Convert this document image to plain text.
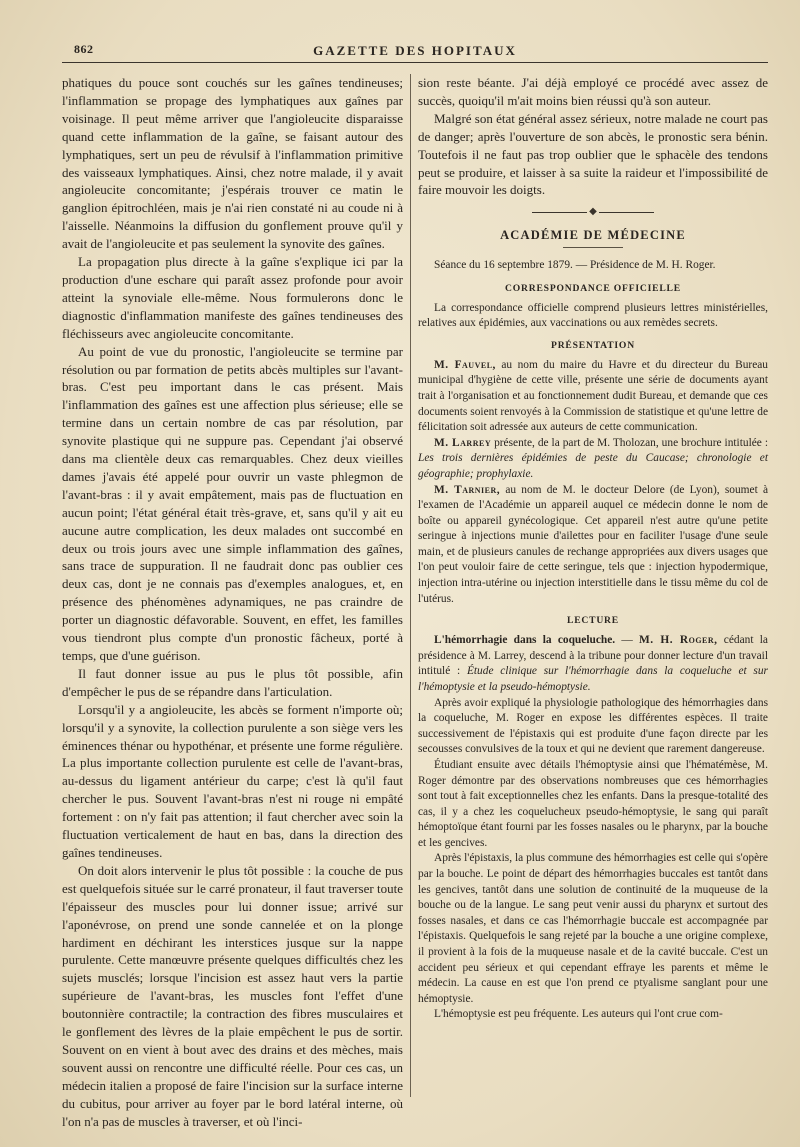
862	GAZETTE DES HOPITAUX

phatiques du pouce sont couchés sur les gaînes tendineuses; l'inflammation se propage des lymphatiques aux gaînes par voisinage. Il peut même arriver que l'angioleucite disparaisse quand cette inflammation de la gaîne, se faisant autour des lymphatiques, sert un peu de révulsif à l'inflammation primitive des vaisseaux lymphatiques. Ainsi, chez notre malade, il y avait angioleucite concomitante; j'espérais trouver ce matin le ganglion épitrochléen, mais je n'ai rien constaté ni au coude ni à l'aisselle. Néanmoins la diffusion du gonflement prouve qu'il y avait de l'angioleucite et pas seulement la synovite des gaînes.

La propagation plus directe à la gaîne s'explique ici par la production d'une eschare qui paraît assez profonde pour avoir atteint la synoviale elle-même. Nous formulerons donc le diagnostic d'inflammation manifeste des gaînes tendineuses des fléchisseurs avec angioleucite concomitante.

Au point de vue du pronostic, l'angioleucite se termine par résolution ou par formation de petits abcès multiples sur l'avant-bras. C'est peu important dans le cas présent. Mais l'inflammation des gaînes est une affection plus sérieuse; elle se termine dans un certain nombre de cas par résolution, par synovite plastique qui ne suppure pas. Cependant j'ai observé dans ma clientèle deux cas remarquables. Chez deux vieilles dames j'avais été appelé pour ouvrir un vaste phlegmon de l'avant-bras : il y avait empâtement, mais pas de fluctuation en aucun point; l'état général était très-grave, et, sans qu'il y ait eu aucune autre complication, les deux malades ont succombé en deux ou trois jours avec une simple inflammation des gaînes, sans trace de suppuration. Il ne faudrait donc pas oublier ces deux cas, dont je ne connais pas d'exemples analogues, et, en présence des phénomènes adynamiques, ne pas craindre de porter un diagnostic défavorable. Souvent, en effet, les familles vous tiendront plus compte d'un pronostic fâcheux, porté à temps, que d'une guérison.

Il faut donner issue au pus le plus tôt possible, afin d'empêcher le pus de se répandre dans l'articulation.

Lorsqu'il y a angioleucite, les abcès se forment n'importe où; lorsqu'il y a synovite, la collection purulente a son siège vers les éminences thénar ou hypothénar, et présente une forme régulière. La plus importante collection purulente est celle de l'avant-bras, au-dessus du ligament antérieur du carpe; c'est là qu'il faut chercher le pus. Souvent l'avant-bras n'est ni rouge ni empâté fortement : on n'y fait pas attention; il faut chercher avec soin la fluctuation verticalement de haut en bas, dans la direction des gaînes tendineuses.

On doit alors intervenir le plus tôt possible : la couche de pus est quelquefois située sur le carré pronateur, il faut traverser toute l'épaisseur des muscles pour lui donner issue; arrivé sur l'aponévrose, on prend une sonde cannelée et on la plonge hardiment en déchirant les interstices jusque sur la nappe purulente. Cette manœuvre présente quelques difficultés chez les sujets musclés; lorsque l'incision est assez haut vers la partie supérieure de l'avant-bras, les muscles font l'effet d'une boutonnière contractile; la contraction des fibres musculaires et le gonflement des lèvres de la plaie empêchent le pus de sortir. Souvent on en vient à bout avec des drains et des mèches, mais souvent aussi on rencontre une difficulté réelle. Pour ces cas, un médecin italien a proposé de faire l'incision sur la surface interne du cubitus, pour arriver au foyer par le bord latéral interne, où l'on n'a pas de muscles à traverser, et où l'inci-

sion reste béante. J'ai déjà employé ce procédé avec assez de succès, quoiqu'il m'ait moins bien réussi qu'à son auteur.

Malgré son état général assez sérieux, notre malade ne court pas de danger; après l'ouverture de son abcès, le pronostic sera bénin. Toutefois il ne faut pas trop oublier que le sphacèle des tendons peut se produire, et laisser à sa suite la raideur et l'impossibilité de faire mouvoir les doigts.

◆
ACADÉMIE DE MÉDECINE

Séance du 16 septembre 1879. — Présidence de M. H. Roger.

CORRESPONDANCE OFFICIELLE

La correspondance officielle comprend plusieurs lettres ministérielles, relatives aux épidémies, aux vaccinations ou aux remèdes secrets.

PRÉSENTATION

M. Fauvel, au nom du maire du Havre et du directeur du Bureau municipal d'hygiène de cette ville, présente une série de documents ayant trait à l'organisation et au fonctionnement dudit Bureau, et demande que ces documents soient renvoyés à la Commission de statistique et qu'une lettre de félicitation soit adressée aux auteurs de cette communication.

M. Larrey présente, de la part de M. Tholozan, une brochure intitulée : Les trois dernières épidémies de peste du Caucase; chronologie et géographie; prophylaxie.

M. Tarnier, au nom de M. le docteur Delore (de Lyon), soumet à l'examen de l'Académie un appareil auquel ce médecin donne le nom de boîte ou appareil gynécologique. Cet appareil n'est autre qu'une petite seringue à injections munie d'ailettes pour en faciliter l'usage d'une seule main, et de plusieurs canules de rechange appropriées aux divers usages que l'on peut vouloir faire de cette seringue, tels que : injection hypodermique, injection intra-utérine ou injection interstitielle dans le tissu même du col de l'utérus.

LECTURE

L'hémorrhagie dans la coqueluche. — M. H. Roger, cédant la présidence à M. Larrey, descend à la tribune pour donner lecture d'un travail intitulé : Étude clinique sur l'hémorrhagie dans la coqueluche et sur l'hémoptysie et la pseudo-hémoptysie.

Après avoir expliqué la physiologie pathologique des hémorrhagies dans la coqueluche, M. Roger en expose les différentes espèces. Il traite successivement de l'épistaxis qui est produite d'une façon directe par les secousses convulsives de la toux et qui ne devient que rarement dangereuse.

Étudiant ensuite avec détails l'hémoptysie ainsi que l'hématémèse, M. Roger démontre par des observations nombreuses que ces hémorrhagies sont tout à fait exceptionnelles chez les enfants. Dans la presque-totalité des cas, il y a chez les coquelucheux pseudo-hémoptysie, le sang qui paraît hémoptoïque étant fourni par les fosses nasales ou le pharynx, par la bouche et les gencives.

Après l'épistaxis, la plus commune des hémorrhagies est celle qui s'opère par la bouche. Le point de départ des hémorrhagies buccales est tantôt dans les gencives, tantôt dans une solution de continuité de la muqueuse de la bouche ou de la langue. Le sang peut venir aussi du pharynx et surtout des fosses nasales, et dans ce cas l'hémorrhagie buccale est accompagnée par l'épistaxis. Quelquefois le sang rejeté par la bouche a une origine complexe, il provient à la fois de la muqueuse nasale et de la cavité buccale. C'est un accident peu sérieux et qui cependant effraye les parents et même le médecin. La cause en est que l'on prend ce ptyalisme sanglant pour une hémoptysie.

L'hémoptysie est peu fréquente. Les auteurs qui l'ont crue com-
